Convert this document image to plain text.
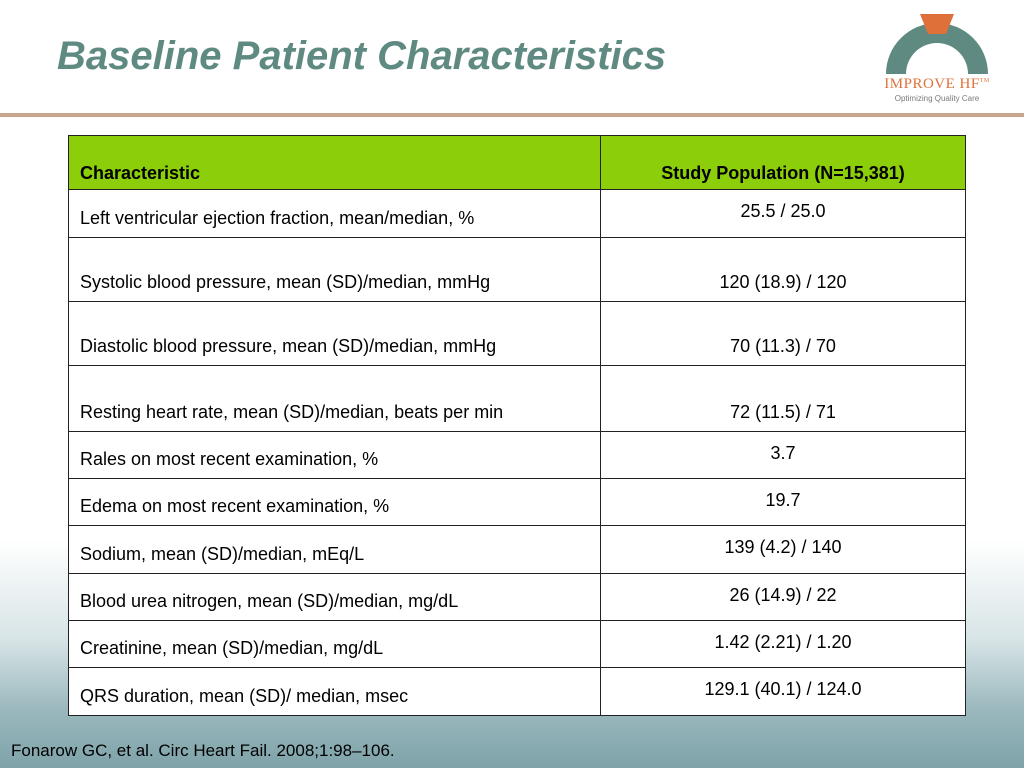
Baseline Patient Characteristics
IMPROVE HF™
Optimizing Quality Care
Characteristic	Study Population (N=15,381)
Left ventricular ejection fraction, mean/median, %	25.5 / 25.0
Systolic blood pressure, mean (SD)/median, mmHg	120 (18.9) / 120
Diastolic blood pressure, mean (SD)/median, mmHg	70 (11.3) / 70
Resting heart rate, mean (SD)/median, beats per min	72 (11.5) / 71
Rales on most recent examination, %	3.7
Edema on most recent examination, %	19.7
Sodium, mean (SD)/median, mEq/L	139 (4.2) / 140
Blood urea nitrogen, mean (SD)/median, mg/dL	26 (14.9) / 22
Creatinine, mean (SD)/median, mg/dL	1.42 (2.21) / 1.20
QRS duration, mean (SD)/ median, msec	129.1 (40.1) / 124.0
Fonarow GC, et al. Circ Heart Fail. 2008;1:98–106.
